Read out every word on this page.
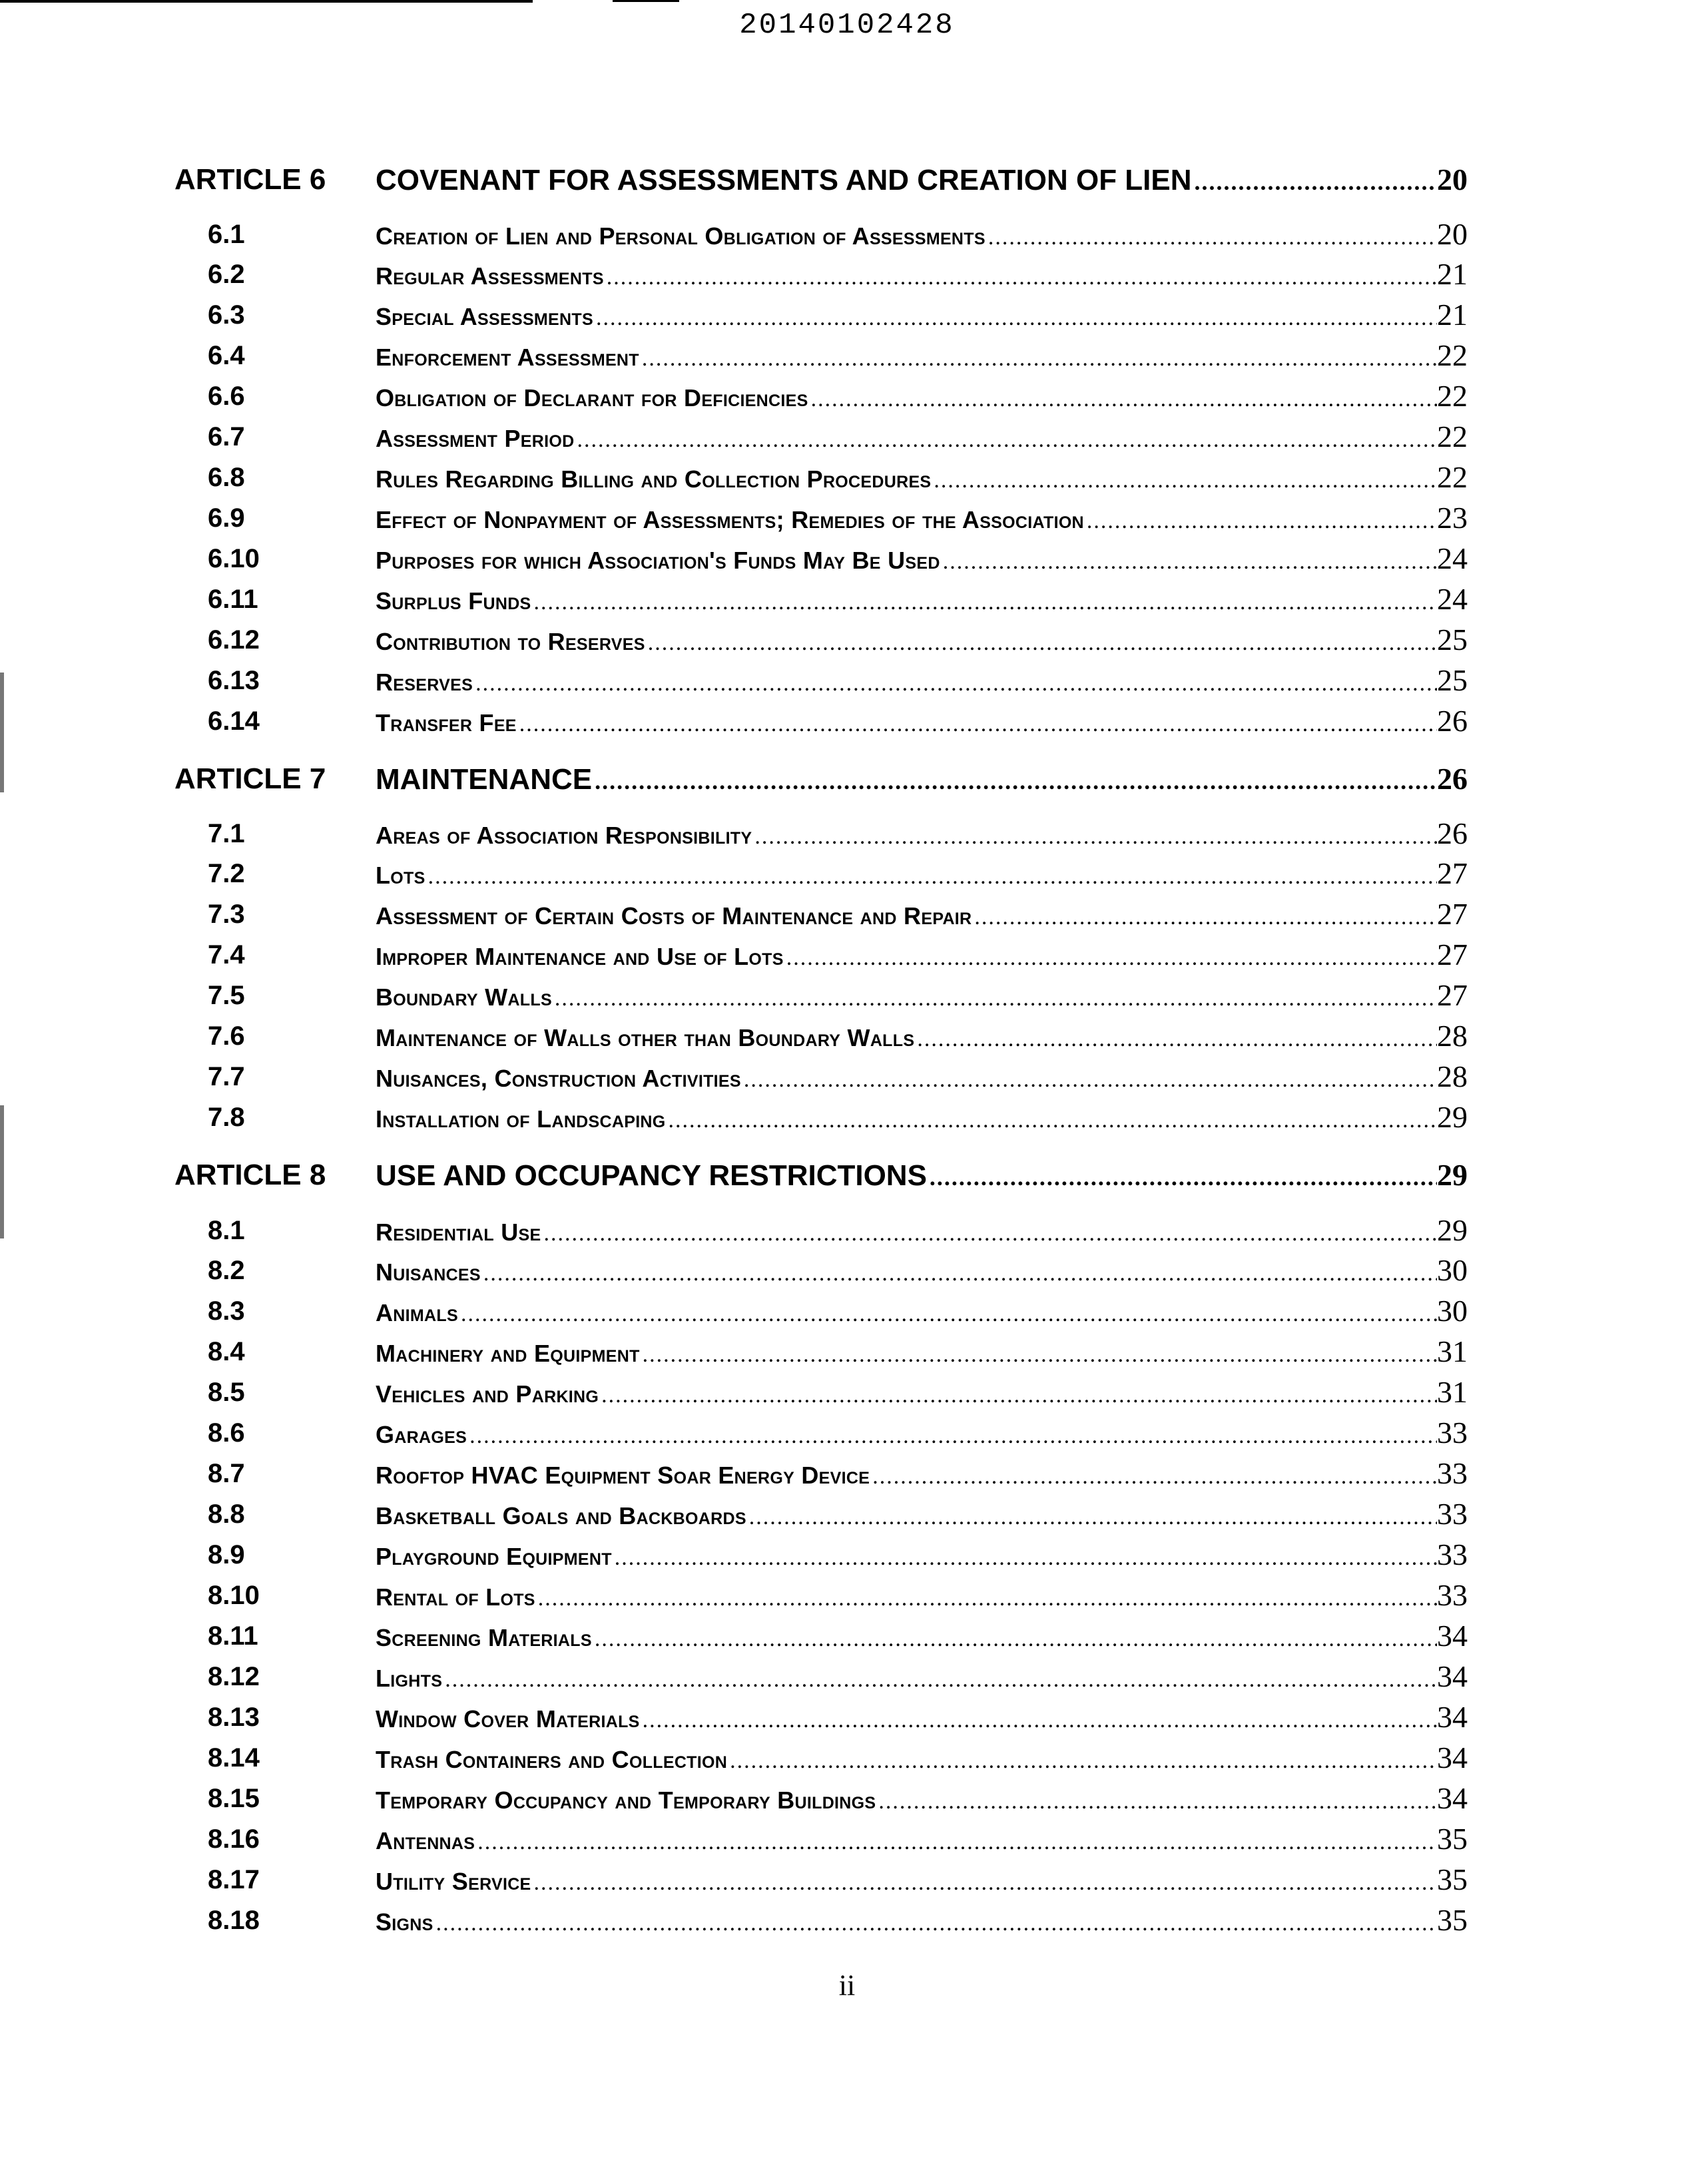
20140102428
ARTICLE 6 COVENANT FOR ASSESSMENTS AND CREATION OF LIEN .....	20
6.1	Creation of Lien and Personal Obligation of Assessments .....	20
6.2	Regular Assessments .....	21
6.3	Special Assessments .....	21
6.4	Enforcement Assessment .....	22
6.6	Obligation of Declarant for Deficiencies .....	22
6.7	Assessment Period .....	22
6.8	Rules Regarding Billing and Collection Procedures .....	22
6.9	Effect of Nonpayment of Assessments; Remedies of the Association .....	23
6.10	Purposes for which Association's Funds May Be Used .....	24
6.11	Surplus Funds .....	24
6.12	Contribution to Reserves .....	25
6.13	Reserves .....	25
6.14	Transfer Fee .....	26
ARTICLE 7 MAINTENANCE .....	26
7.1	Areas of Association Responsibility .....	26
7.2	Lots .....	27
7.3	Assessment of Certain Costs of Maintenance and Repair .....	27
7.4	Improper Maintenance and Use of Lots .....	27
7.5	Boundary Walls .....	27
7.6	Maintenance of Walls other than Boundary Walls .....	28
7.7	Nuisances, Construction Activities .....	28
7.8	Installation of Landscaping .....	29
ARTICLE 8 USE AND OCCUPANCY RESTRICTIONS .....	29
8.1	Residential Use .....	29
8.2	Nuisances .....	30
8.3	Animals .....	30
8.4	Machinery and Equipment .....	31
8.5	Vehicles and Parking .....	31
8.6	Garages .....	33
8.7	Rooftop HVAC Equipment Soar Energy Device .....	33
8.8	Basketball Goals and Backboards .....	33
8.9	Playground Equipment .....	33
8.10	Rental of Lots .....	33
8.11	Screening Materials .....	34
8.12	Lights .....	34
8.13	Window Cover Materials .....	34
8.14	Trash Containers and Collection .....	34
8.15	Temporary Occupancy and Temporary Buildings .....	34
8.16	Antennas .....	35
8.17	Utility Service .....	35
8.18	Signs .....	35
ii
